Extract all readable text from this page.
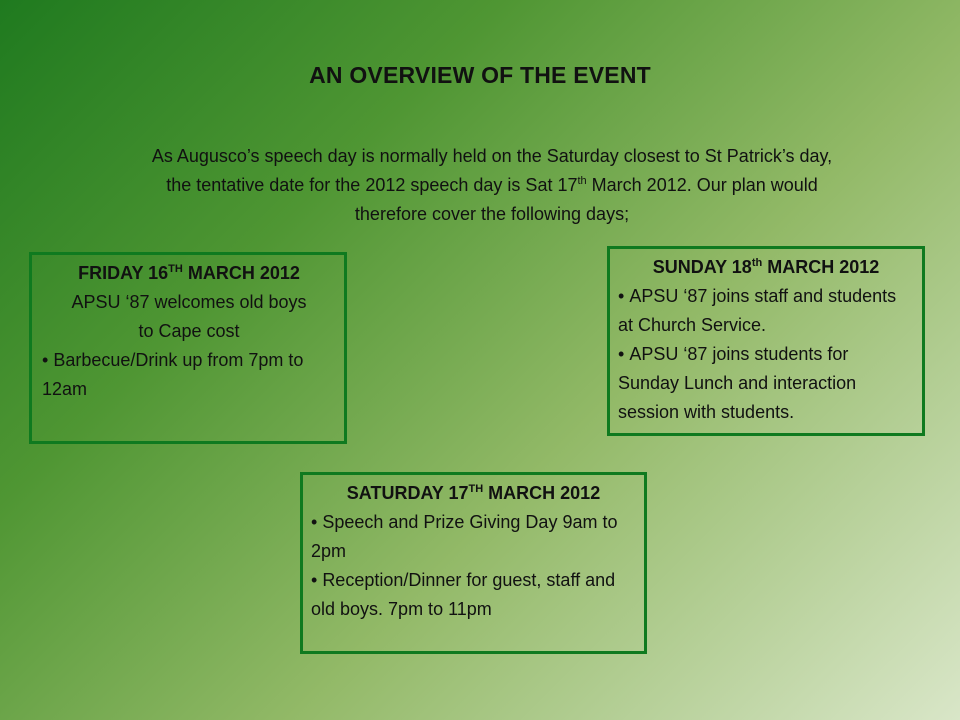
AN OVERVIEW OF THE EVENT
As Augusco’s speech day is normally held on the Saturday closest to St Patrick’s day,
the tentative date for the 2012 speech day is Sat 17th March 2012. Our plan would
therefore cover the following days;
FRIDAY 16TH MARCH 2012
APSU ‘87 welcomes old boys
to Cape cost
• Barbecue/Drink up from 7pm to 12am
SUNDAY 18th MARCH 2012
• APSU ‘87 joins staff and students at Church Service.
• APSU ‘87 joins students for Sunday Lunch and interaction session with students.
SATURDAY 17TH MARCH 2012
• Speech and Prize Giving Day 9am to 2pm
• Reception/Dinner for guest, staff and old boys. 7pm to 11pm
